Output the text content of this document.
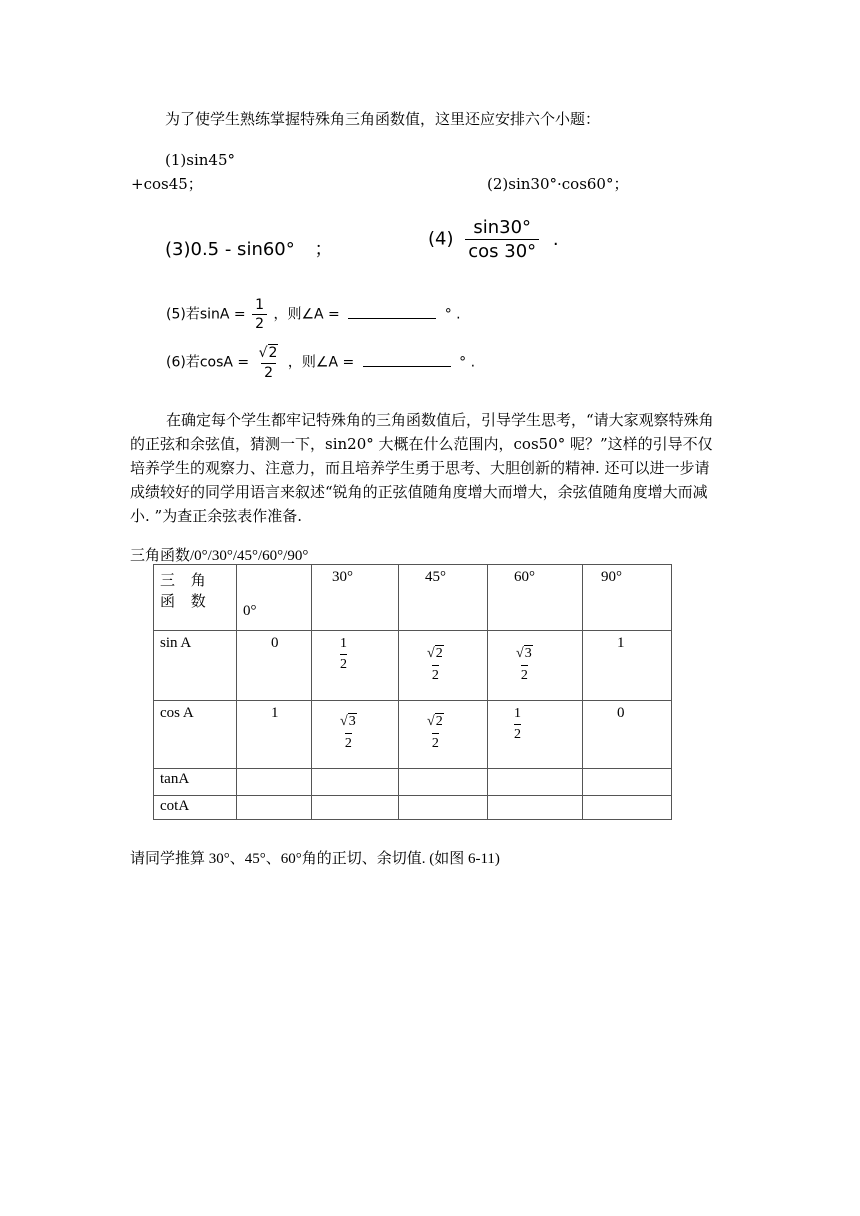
为了使学生熟练掌握特殊角三角函数值，这里还应安排六个小题：
(1)sin45°
+cos45；	(2)sin30°·cos60°；
(3)0.5 - sin60° ；	$(4) \frac{\sin 30^\circ}{\cos 30^\circ}$ .
(5)若$\sin A = \frac{1}{2}$ ，则∠A =	° .
(6)若$\cos A = \frac{√ 2}{2}$ ，则∠A =	° .
在确定每个学生都牢记特殊角的三角函数值后，引导学生思考，“请大家观察特殊角的正弦和余弦值，猜测一下，sin20° 大概在什么范围内，cos50° 呢？”这样的引导不仅培养学生的观察力、注意力，而且培养学生勇于思考、大胆创新的精神. 还可以进一步请成绩较好的同学用语言来叙述“锐角的正弦值随角度增大而增大，余弦值随角度增大而减小. ”为查正余弦表作准备.
三角函数/0°/30°/45°/60°/90°
三 角 函 数	0°	30°	45°	60°	90°
sin A	0	$\frac{1}{2}$	$\frac{√ 2}{2}$	$\frac{√ 3}{2}$	1
cos A	1	$\frac{√ 3}{2}$	$\frac{√ 2}{2}$	$\frac{1}{2}$	0
tanA					
cotA					
请同学推算 30°、45°、60°角的正切、余切值. (如图 6-11)
